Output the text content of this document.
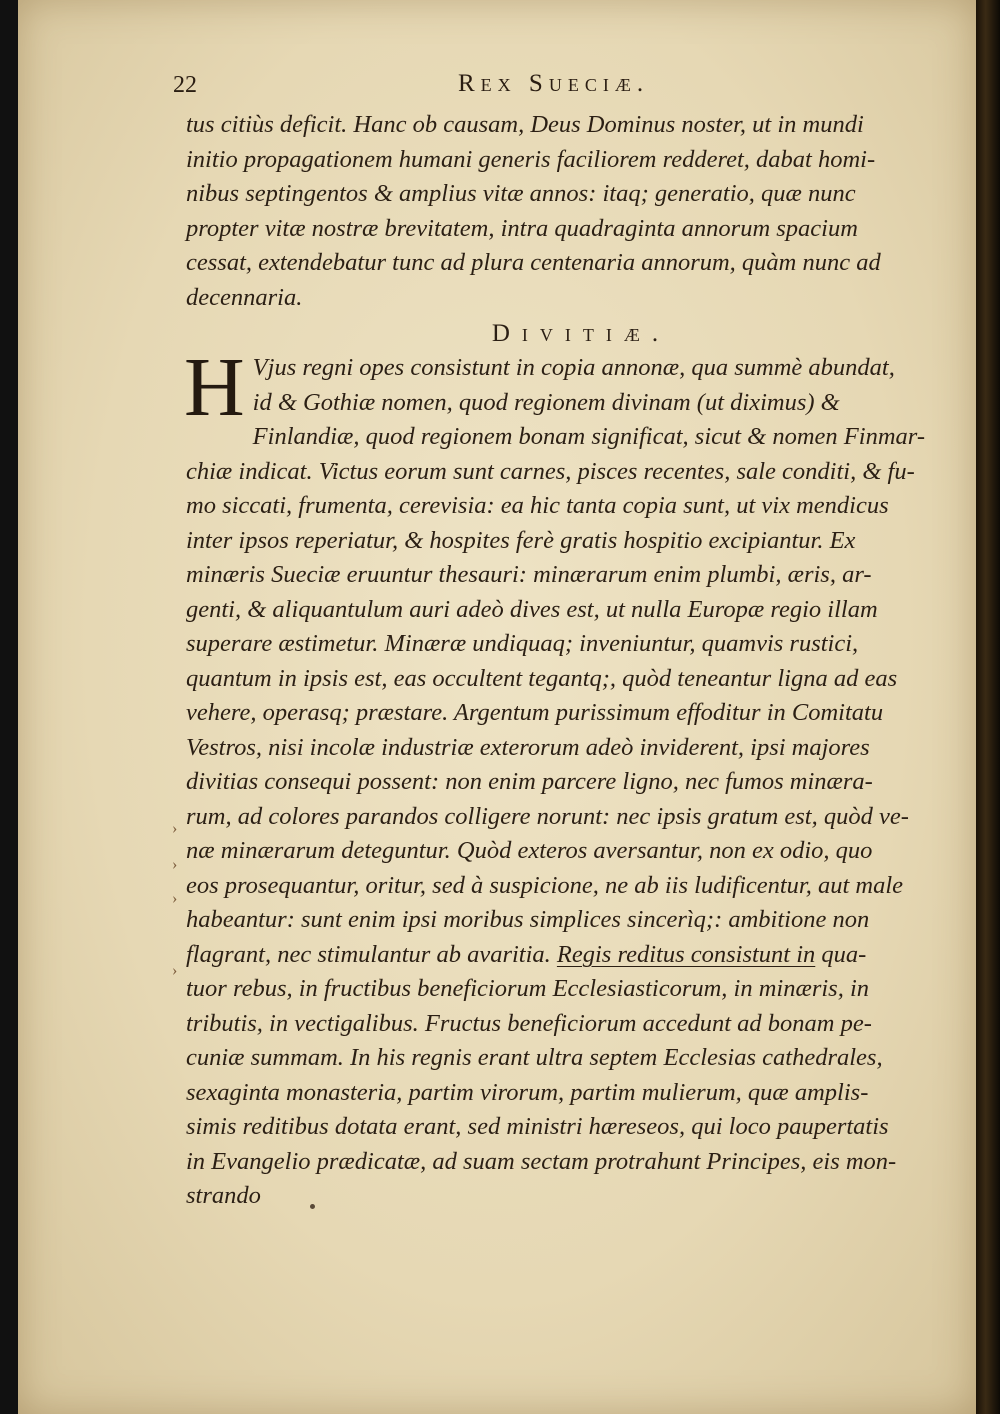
22	Rex Sueciæ.
›
›
›
›

tus citiùs deficit. Hanc ob causam, Deus Dominus noster, ut in mundi

initio propagationem humani generis faciliorem redderet, dabat homi-

nibus septingentos & amplius vitæ annos: itaq; generatio, quæ nunc

propter vitæ nostræ brevitatem, intra quadraginta annorum spacium

cessat, extendebatur tunc ad plura centenaria annorum, quàm nunc ad

decennaria.

Divitiæ.
H Vjus regni opes consistunt in copia annonæ, qua summè abundat,

id & Gothiæ nomen, quod regionem divinam (ut diximus) &

Finlandiæ, quod regionem bonam significat, sicut & nomen Finmar-

chiæ indicat. Victus eorum sunt carnes, pisces recentes, sale conditi, & fu-

mo siccati, frumenta, cerevisia: ea hic tanta copia sunt, ut vix mendicus

inter ipsos reperiatur, & hospites ferè gratis hospitio excipiantur. Ex

minæris Sueciæ eruuntur thesauri: minærarum enim plumbi, æris, ar-

genti, & aliquantulum auri adeò dives est, ut nulla Europæ regio illam

superare æstimetur. Minæræ undiquaq; inveniuntur, quamvis rustici,

quantum in ipsis est, eas occultent tegantq;, quòd teneantur ligna ad eas

vehere, operasq; præstare. Argentum purissimum effoditur in Comitatu

Vestros, nisi incolæ industriæ exterorum adeò inviderent, ipsi majores

divitias consequi possent: non enim parcere ligno, nec fumos minæra-

rum, ad colores parandos colligere norunt: nec ipsis gratum est, quòd ve-

næ minærarum deteguntur. Quòd exteros aversantur, non ex odio, quo

eos prosequantur, oritur, sed à suspicione, ne ab iis ludificentur, aut male

habeantur: sunt enim ipsi moribus simplices sincerìq;: ambitione non

flagrant, nec stimulantur ab avaritia. Regis reditus consistunt in qua-

tuor rebus, in fructibus beneficiorum Ecclesiasticorum, in minæris, in

tributis, in vectigalibus. Fructus beneficiorum accedunt ad bonam pe-

cuniæ summam. In his regnis erant ultra septem Ecclesias cathedrales,

sexaginta monasteria, partim virorum, partim mulierum, quæ amplis-

simis reditibus dotata erant, sed ministri hæreseos, qui loco paupertatis

in Evangelio prædicatæ, ad suam sectam protrahunt Principes, eis mon-

strando
